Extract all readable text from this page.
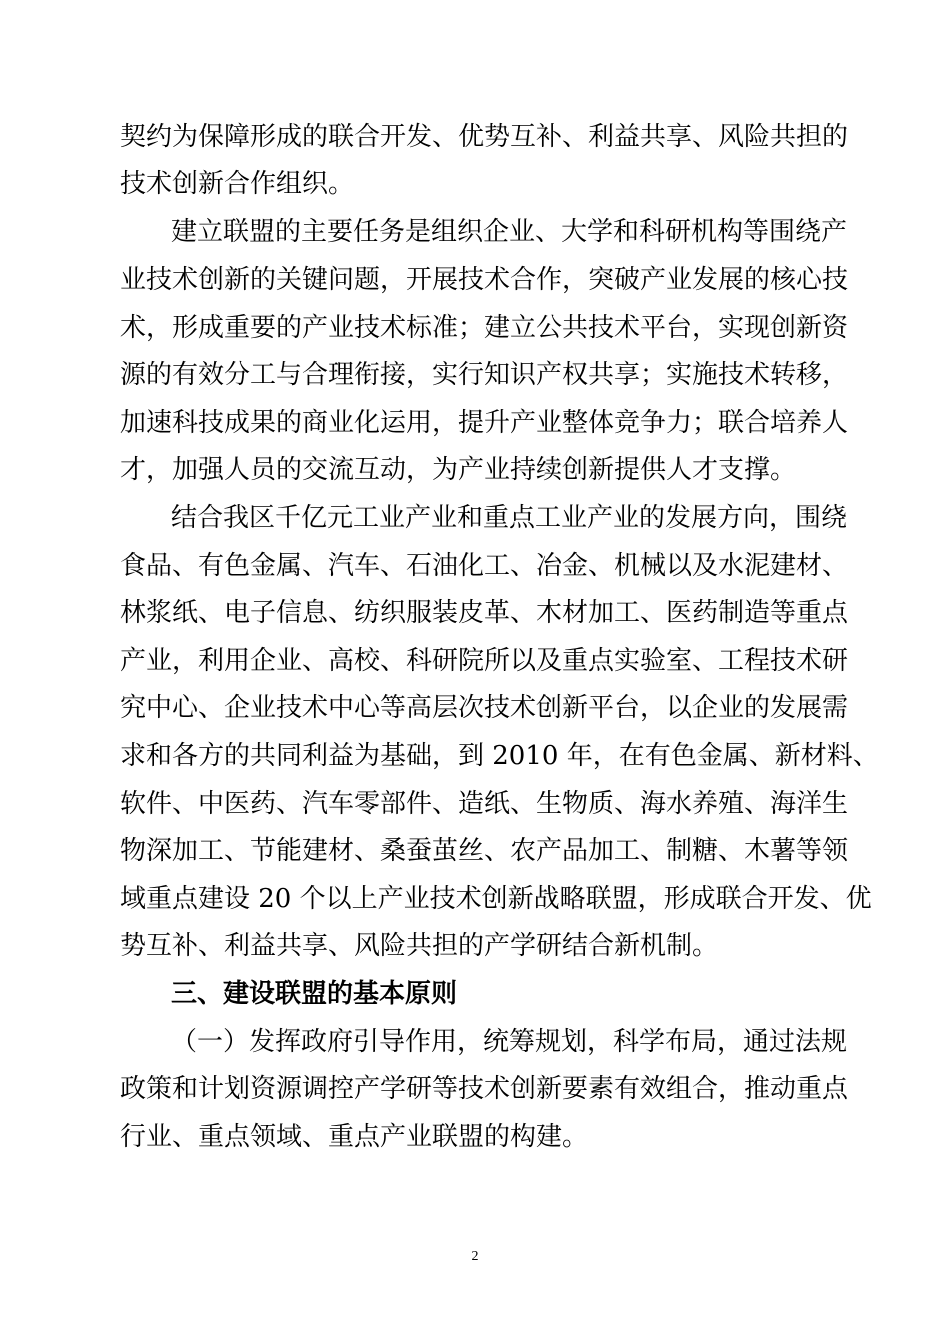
契约为保障形成的联合开发、优势互补、利益共享、风险共担的
技术创新合作组织。
建立联盟的主要任务是组织企业、大学和科研机构等围绕产
业技术创新的关键问题，开展技术合作，突破产业发展的核心技
术，形成重要的产业技术标准；建立公共技术平台，实现创新资
源的有效分工与合理衔接，实行知识产权共享；实施技术转移，
加速科技成果的商业化运用，提升产业整体竞争力；联合培养人
才，加强人员的交流互动，为产业持续创新提供人才支撑。
结合我区千亿元工业产业和重点工业产业的发展方向，围绕
食品、有色金属、汽车、石油化工、冶金、机械以及水泥建材、
林浆纸、电子信息、纺织服装皮革、木材加工、医药制造等重点
产业，利用企业、高校、科研院所以及重点实验室、工程技术研
究中心、企业技术中心等高层次技术创新平台，以企业的发展需
求和各方的共同利益为基础，到 2010 年，在有色金属、新材料、
软件、中医药、汽车零部件、造纸、生物质、海水养殖、海洋生
物深加工、节能建材、桑蚕茧丝、农产品加工、制糖、木薯等领
域重点建设 20 个以上产业技术创新战略联盟，形成联合开发、优
势互补、利益共享、风险共担的产学研结合新机制。
三、建设联盟的基本原则
（一）发挥政府引导作用，统筹规划，科学布局，通过法规
政策和计划资源调控产学研等技术创新要素有效组合，推动重点
行业、重点领域、重点产业联盟的构建。
2
